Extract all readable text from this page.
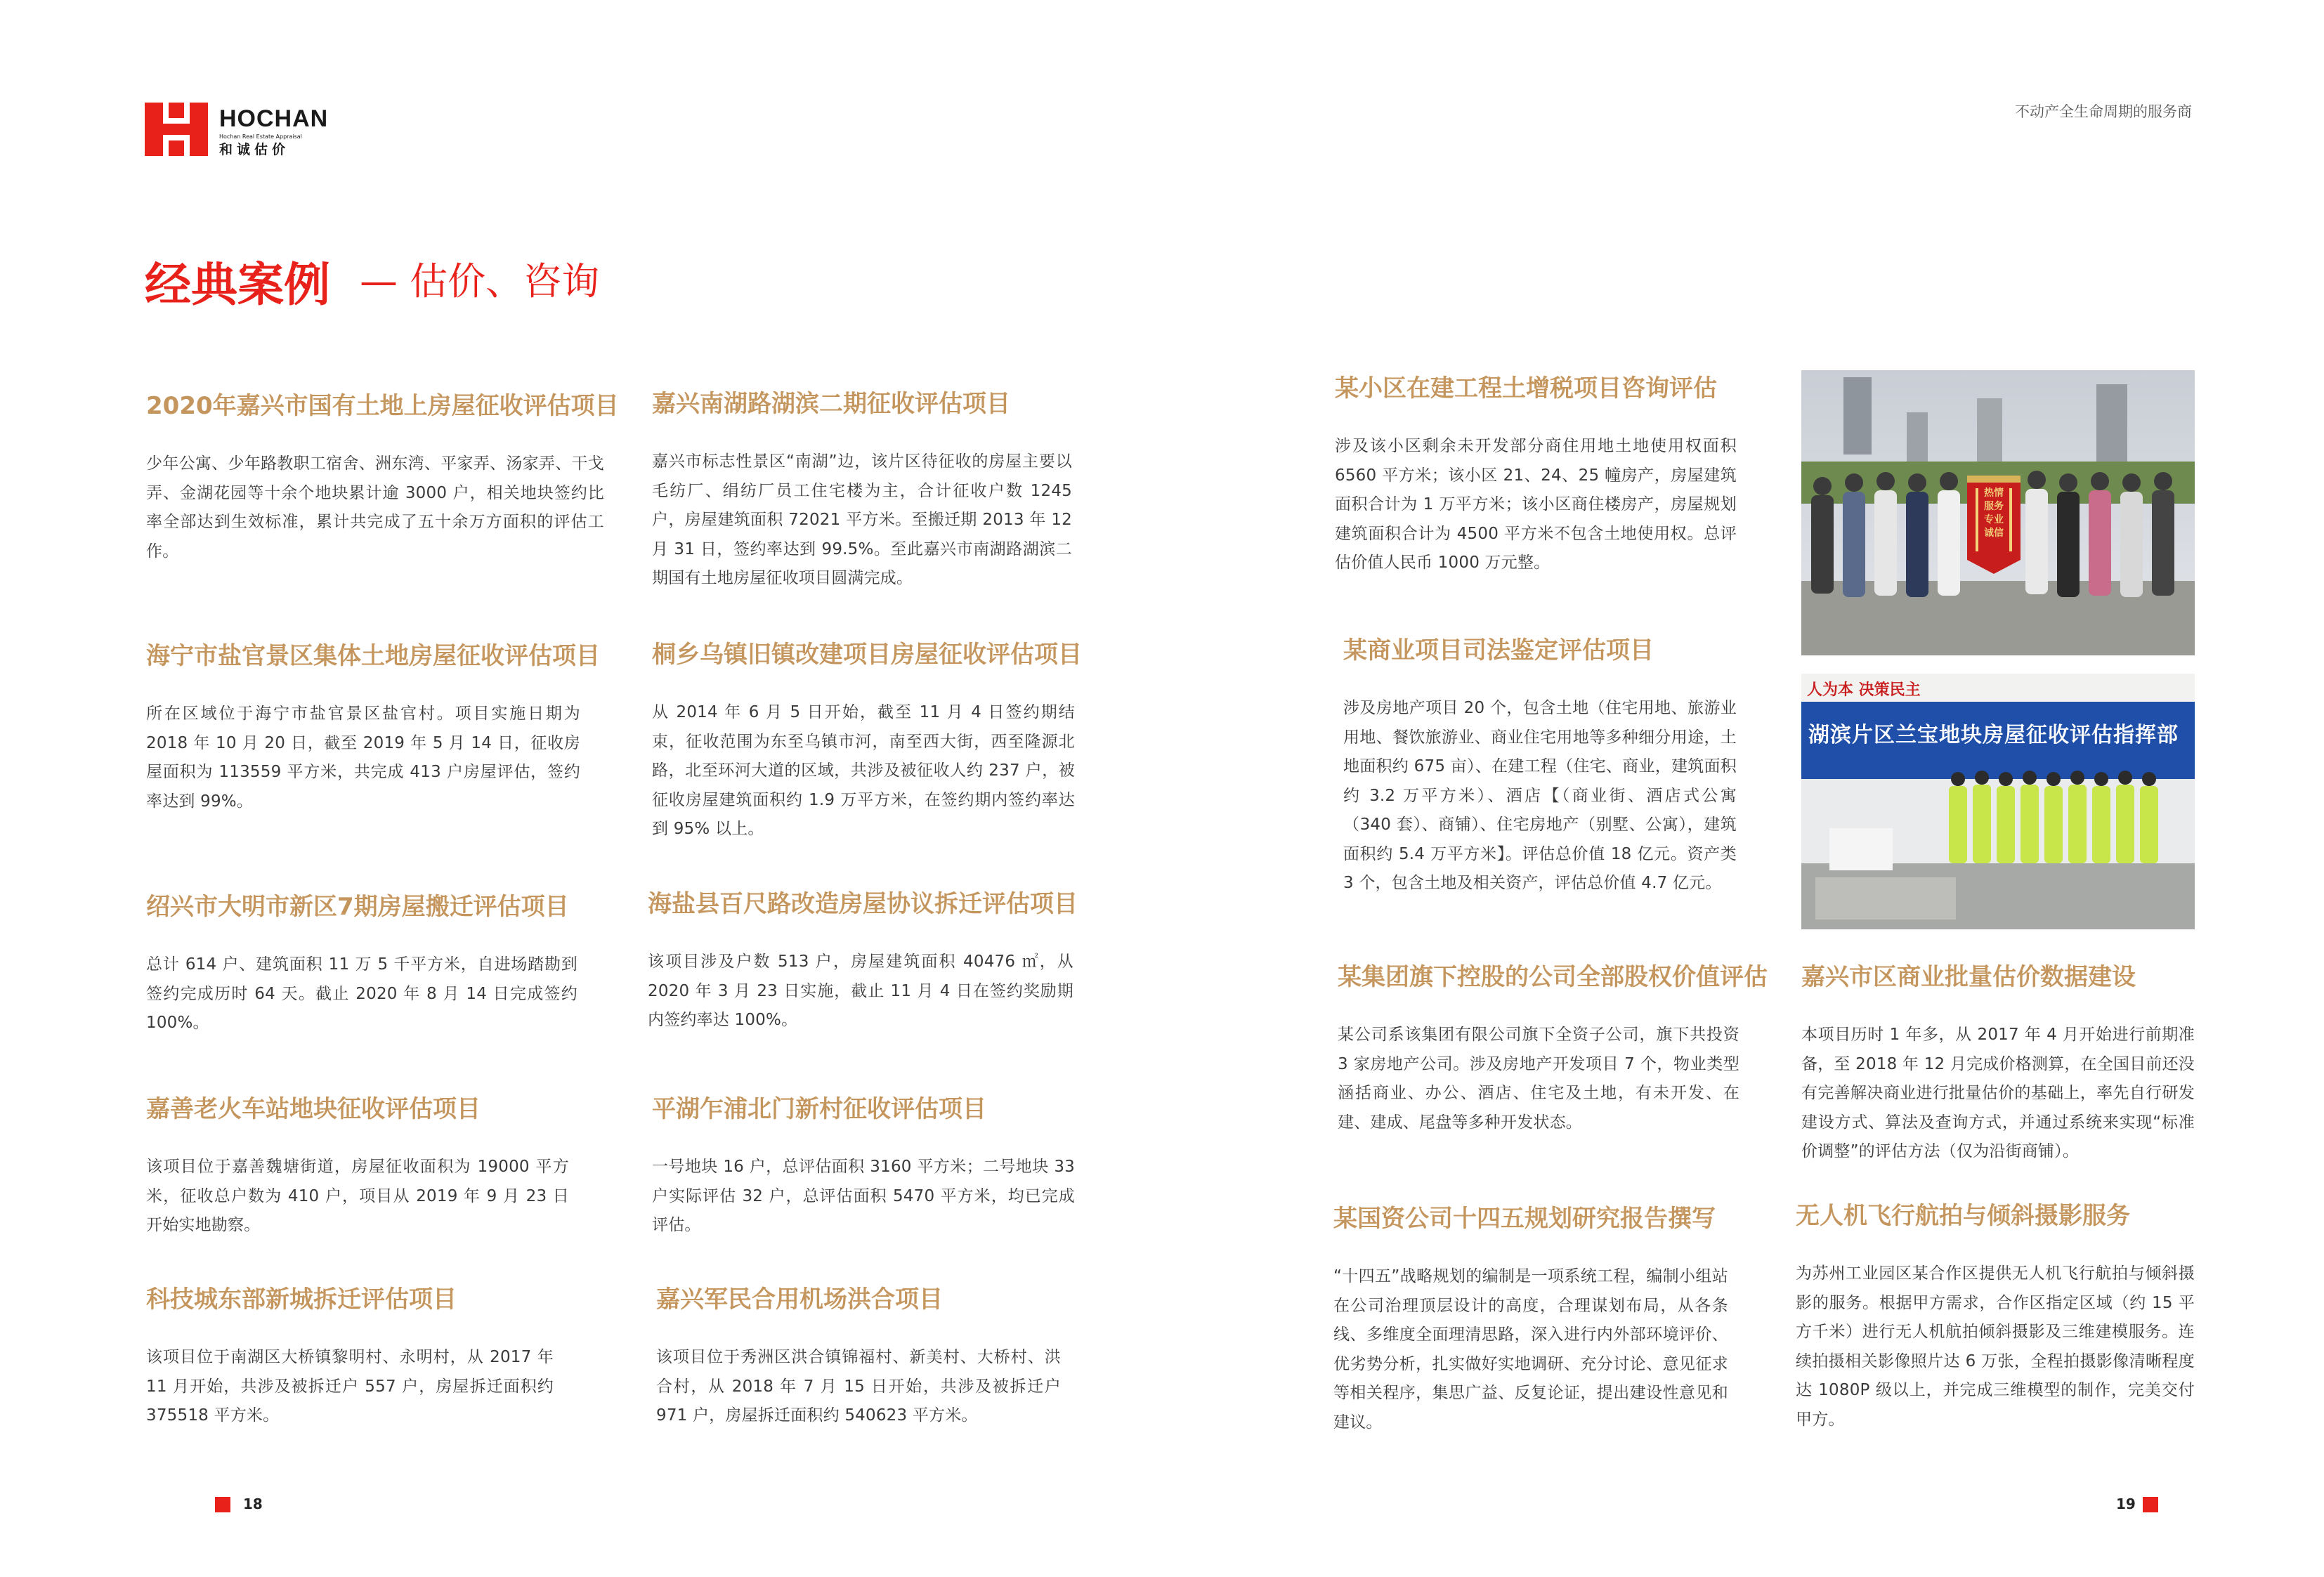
HOCHAN
Hochan Real Estate Appraisal
和诚估价
不动产全生命周期的服务商
经典案例 — 估价、咨询
2020年嘉兴市国有土地上房屋征收评估项目

少年公寓、少年路教职工宿舍、洲东湾、平家弄、汤家弄、干戈弄、金湖花园等十余个地块累计逾 3000 户，相关地块签约比率全部达到生效标准，累计共完成了五十余万方面积的评估工作。

海宁市盐官景区集体土地房屋征收评估项目

所在区域位于海宁市盐官景区盐官村。项目实施日期为 2018 年 10 月 20 日，截至 2019 年 5 月 14 日，征收房屋面积为 113559 平方米，共完成 413 户房屋评估，签约率达到 99%。

绍兴市大明市新区7期房屋搬迁评估项目

总计 614 户、建筑面积 11 万 5 千平方米，自进场踏勘到签约完成历时 64 天。截止 2020 年 8 月 14 日完成签约 100%。

嘉善老火车站地块征收评估项目

该项目位于嘉善魏塘街道，房屋征收面积为 19000 平方米，征收总户数为 410 户，项目从 2019 年 9 月 23 日开始实地勘察。

科技城东部新城拆迁评估项目

该项目位于南湖区大桥镇黎明村、永明村，从 2017 年 11 月开始，共涉及被拆迁户 557 户，房屋拆迁面积约 375518 平方米。

嘉兴南湖路湖滨二期征收评估项目

嘉兴市标志性景区“南湖”边，该片区待征收的房屋主要以毛纺厂、绢纺厂员工住宅楼为主，合计征收户数 1245 户，房屋建筑面积 72021 平方米。至搬迁期 2013 年 12 月 31 日，签约率达到 99.5%。至此嘉兴市南湖路湖滨二期国有土地房屋征收项目圆满完成。

桐乡乌镇旧镇改建项目房屋征收评估项目

从 2014 年 6 月 5 日开始，截至 11 月 4 日签约期结束，征收范围为东至乌镇市河，南至西大街，西至隆源北路，北至环河大道的区域，共涉及被征收人约 237 户，被征收房屋建筑面积约 1.9 万平方米，在签约期内签约率达到 95% 以上。

海盐县百尺路改造房屋协议拆迁评估项目

该项目涉及户数 513 户，房屋建筑面积 40476 ㎡，从 2020 年 3 月 23 日实施，截止 11 月 4 日在签约奖励期内签约率达 100%。

平湖乍浦北门新村征收评估项目

一号地块 16 户，总评估面积 3160 平方米；二号地块 33 户实际评估 32 户，总评估面积 5470 平方米，均已完成评估。

嘉兴军民合用机场洪合项目

该项目位于秀洲区洪合镇锦福村、新美村、大桥村、洪合村，从 2018 年 7 月 15 日开始，共涉及被拆迁户 971 户，房屋拆迁面积约 540623 平方米。

某小区在建工程土增税项目咨询评估

涉及该小区剩余未开发部分商住用地土地使用权面积 6560 平方米；该小区 21、24、25 幢房产，房屋建筑面积合计为 1 万平方米；该小区商住楼房产，房屋规划建筑面积合计为 4500 平方米不包含土地使用权。总评估价值人民币 1000 万元整。

某商业项目司法鉴定评估项目

涉及房地产项目 20 个，包含土地（住宅用地、旅游业用地、餐饮旅游业、商业住宅用地等多种细分用途，土地面积约 675 亩）、在建工程（住宅、商业，建筑面积约 3.2 万平方米）、酒店【（商业街、酒店式公寓（340 套）、商铺）、住宅房地产（别墅、公寓），建筑面积约 5.4 万平方米】。评估总价值 18 亿元。资产类 3 个，包含土地及相关资产，评估总价值 4.7 亿元。

某集团旗下控股的公司全部股权价值评估

某公司系该集团有限公司旗下全资子公司，旗下共投资 3 家房地产公司。涉及房地产开发项目 7 个，物业类型涵括商业、办公、酒店、住宅及土地，有未开发、在建、建成、尾盘等多种开发状态。

某国资公司十四五规划研究报告撰写

“十四五”战略规划的编制是一项系统工程，编制小组站在公司治理顶层设计的高度，合理谋划布局，从各条线、多维度全面理清思路，深入进行内外部环境评价、优劣势分析，扎实做好实地调研、充分讨论、意见征求等相关程序，集思广益、反复论证，提出建设性意见和建议。

嘉兴市区商业批量估价数据建设

本项目历时 1 年多，从 2017 年 4 月开始进行前期准备，至 2018 年 12 月完成价格测算，在全国目前还没有完善解决商业进行批量估价的基础上，率先自行研发建设方式、算法及查询方式，并通过系统来实现“标准价调整”的评估方法（仅为沿街商铺）。

无人机飞行航拍与倾斜摄影服务

为苏州工业园区某合作区提供无人机飞行航拍与倾斜摄影的服务。根据甲方需求，合作区指定区域（约 15 平方千米）进行无人机航拍倾斜摄影及三维建模服务。连续拍摄相关影像照片达 6 万张，全程拍摄影像清晰程度达 1080P 级以上，并完成三维模型的制作，完美交付甲方。

热情服务 专业诚信
人为本 决策民主
湖滨片区兰宝地块房屋征收评估指挥部
18	19
